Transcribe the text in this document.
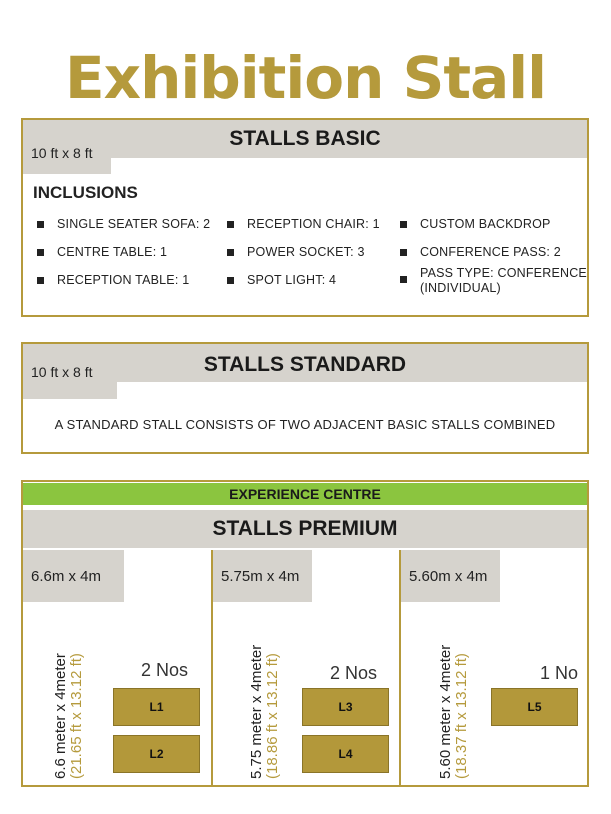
Exhibition Stall
10 ft x 8 ft
STALLS BASIC
INCLUSIONS
SINGLE SEATER SOFA: 2
CENTRE TABLE: 1
RECEPTION TABLE: 1
RECEPTION CHAIR: 1
POWER SOCKET: 3
SPOT LIGHT: 4
CUSTOM BACKDROP
CONFERENCE PASS: 2
PASS TYPE: CONFERENCE
(INDIVIDUAL)
10 ft x 8 ft	STALLS STANDARD
A STANDARD STALL CONSISTS OF TWO ADJACENT BASIC STALLS COMBINED
EXPERIENCE CENTRE
STALLS PREMIUM
6.6m x 4m
6.6 meter x 4meter (21.65 ft x 13.12 ft)	2 Nos
L1
L2
5.75m x 4m
5.75 meter x 4meter (18.86 ft x 13.12 ft)	2 Nos
L3
L4
5.60m x 4m
5.60 meter x 4meter (18.37 ft x 13.12 ft)	1 No
L5
